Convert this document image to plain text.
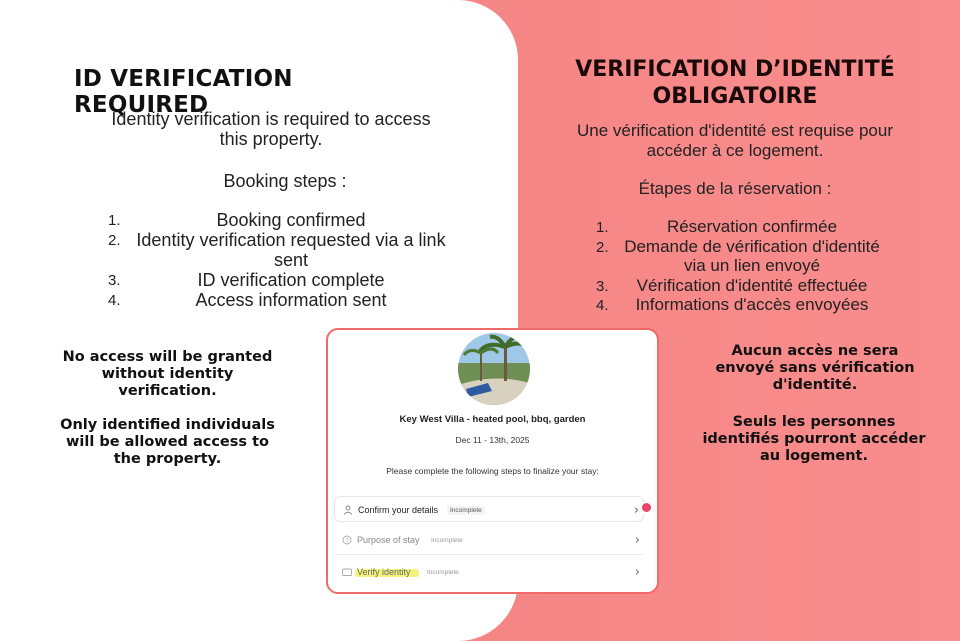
ID VERIFICATION REQUIRED
Identity verification is required to access this property.
Booking steps :
1.	Booking confirmed
2. Identity verification requested via a link sent
3.	ID verification complete
4.	Access information sent
No access will be granted without identity verification.
Only identified individuals will be allowed access to the property.
VERIFICATION D’IDENTITÉ OBLIGATOIRE
Une vérification d'identité est requise pour accéder à ce logement.
Étapes de la réservation :
1.	Réservation confirmée
2. Demande de vérification d'identité via un lien envoyé
3.	Vérification d'identité effectuée
4.	Informations d'accès envoyées
Aucun accès ne sera envoyé sans vérification d'identité.
Seuls les personnes identifiés pourront accéder au logement.
Key West Villa - heated pool, bbq, garden
Dec 11 - 13th, 2025
Please complete the following steps to finalize your stay:
Confirm your details	Incomplete	›
? Purpose of stay	Incomplete	›
Verify identity	Incomplete	›
